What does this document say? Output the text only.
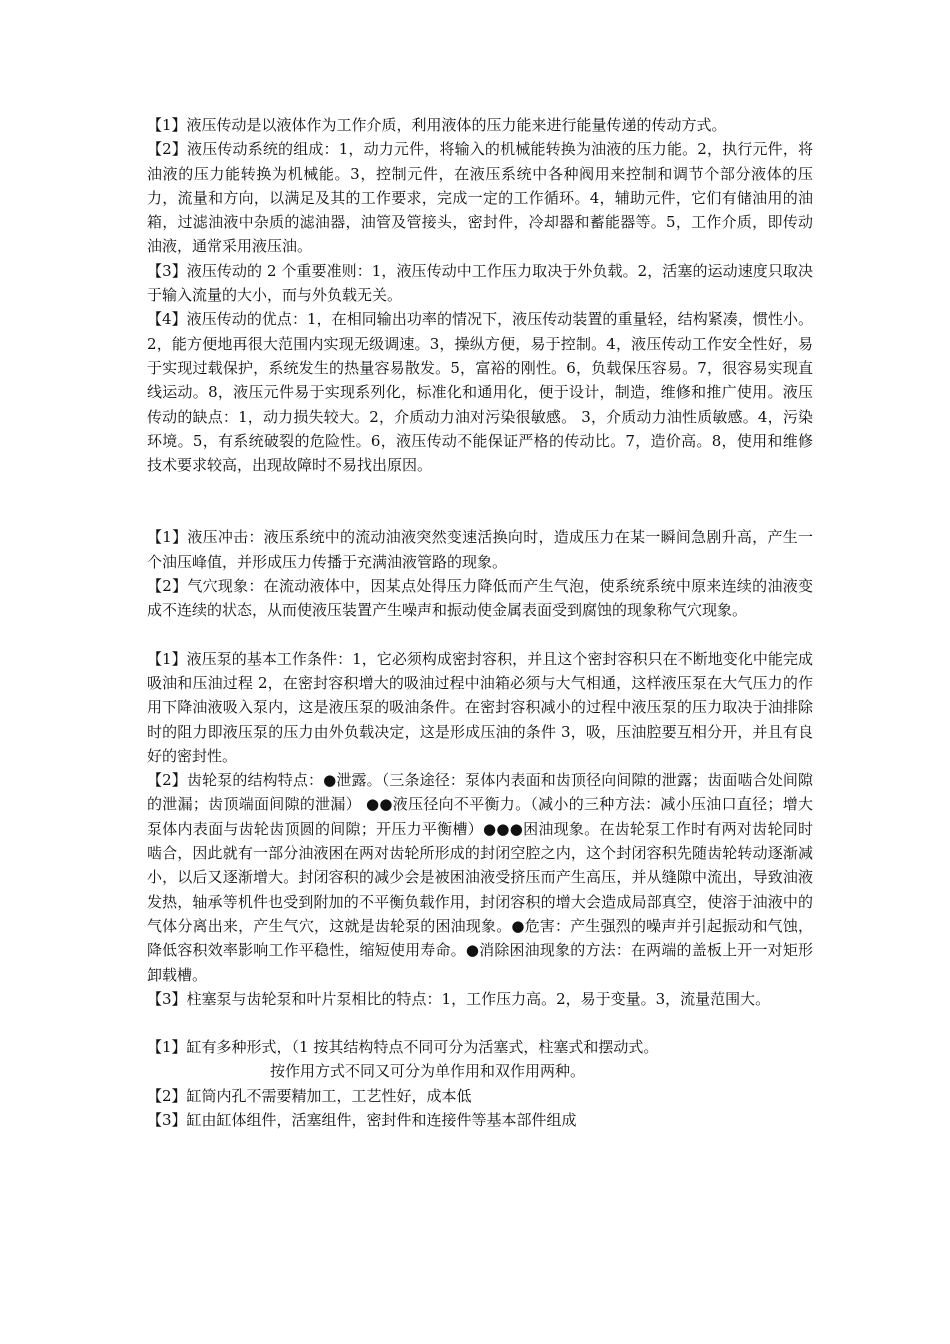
【1】液压传动是以液体作为工作介质，利用液体的压力能来进行能量传递的传动方式。

【2】液压传动系统的组成：1，动力元件，将输入的机械能转换为油液的压力能。2，执行元件，将油液的压力能转换为机械能。3，控制元件，在液压系统中各种阀用来控制和调节个部分液体的压力，流量和方向，以满足及其的工作要求，完成一定的工作循环。4，辅助元件，它们有储油用的油箱，过滤油液中杂质的滤油器，油管及管接头，密封件，冷却器和蓄能器等。5，工作介质，即传动油液，通常采用液压油。

【3】液压传动的 2 个重要准则：1，液压传动中工作压力取决于外负载。2，活塞的运动速度只取决于输入流量的大小，而与外负载无关。

【4】液压传动的优点：1，在相同输出功率的情况下，液压传动装置的重量轻，结构紧凑，惯性小。2，能方便地再很大范围内实现无级调速。3，操纵方便，易于控制。4，液压传动工作安全性好，易于实现过载保护，系统发生的热量容易散发。5，富裕的刚性。6，负载保压容易。7，很容易实现直线运动。8，液压元件易于实现系列化，标准化和通用化，便于设计，制造，维修和推广使用。液压传动的缺点：1，动力损失较大。2，介质动力油对污染很敏感。 3，介质动力油性质敏感。4，污染环境。5，有系统破裂的危险性。6，液压传动不能保证严格的传动比。7，造价高。8，使用和维修技术要求较高，出现故障时不易找出原因。

【1】液压冲击：液压系统中的流动油液突然变速活换向时，造成压力在某一瞬间急剧升高，产生一个油压峰值，并形成压力传播于充满油液管路的现象。

【2】气穴现象：在流动液体中，因某点处得压力降低而产生气泡，使系统系统中原来连续的油液变成不连续的状态，从而使液压装置产生噪声和振动使金属表面受到腐蚀的现象称气穴现象。

【1】液压泵的基本工作条件：1，它必须构成密封容积，并且这个密封容积只在不断地变化中能完成吸油和压油过程 2，在密封容积增大的吸油过程中油箱必须与大气相通，这样液压泵在大气压力的作用下降油液吸入泵内，这是液压泵的吸油条件。在密封容积减小的过程中液压泵的压力取决于油排除时的阻力即液压泵的压力由外负载决定，这是形成压油的条件 3，吸，压油腔要互相分开，并且有良好的密封性。

【2】齿轮泵的结构特点：●泄露。（三条途径：泵体内表面和齿顶径向间隙的泄露；齿面啮合处间隙的泄漏；齿顶端面间隙的泄漏） ●●液压径向不平衡力。（减小的三种方法：减小压油口直径；增大泵体内表面与齿轮齿顶圆的间隙；开压力平衡槽）●●●困油现象。在齿轮泵工作时有两对齿轮同时啮合，因此就有一部分油液困在两对齿轮所形成的封闭空腔之内，这个封闭容积先随齿轮转动逐渐减小，以后又逐渐增大。封闭容积的减少会是被困油液受挤压而产生高压，并从缝隙中流出，导致油液发热，轴承等机件也受到附加的不平衡负载作用，封闭容积的增大会造成局部真空，使溶于油液中的气体分离出来，产生气穴，这就是齿轮泵的困油现象。●危害：产生强烈的噪声并引起振动和气蚀，降低容积效率影响工作平稳性，缩短使用寿命。●消除困油现象的方法：在两端的盖板上开一对矩形卸载槽。

【3】柱塞泵与齿轮泵和叶片泵相比的特点：1，工作压力高。2，易于变量。3，流量范围大。

【1】缸有多种形式，（1 按其结构特点不同可分为活塞式，柱塞式和摆动式。

按作用方式不同又可分为单作用和双作用两种。

【2】缸筒内孔不需要精加工，工艺性好，成本低

【3】缸由缸体组件，活塞组件，密封件和连接件等基本部件组成
